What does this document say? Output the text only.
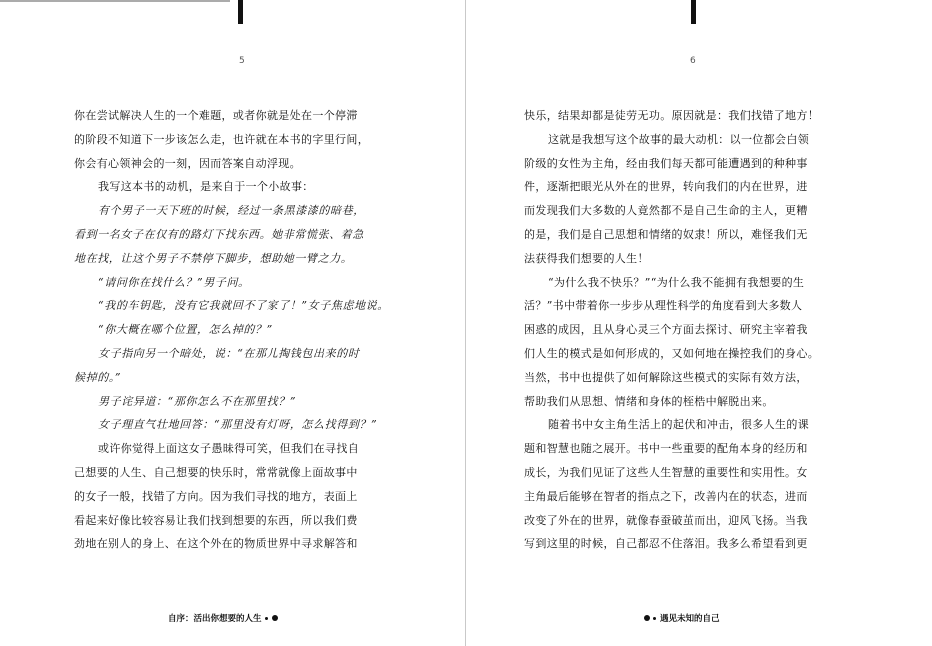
5
你在尝试解决人生的一个难题，或者你就是处在一个停滞
的阶段不知道下一步该怎么走，也许就在本书的字里行间，
你会有心领神会的一刻，因而答案自动浮现。
我写这本书的动机，是来自于一个小故事：
有个男子一天下班的时候，经过一条黑漆漆的暗巷，
看到一名女子在仅有的路灯下找东西。她非常慌张、着急
地在找，让这个男子不禁停下脚步，想助她一臂之力。
“请问你在找什么？”男子问。
“我的车钥匙，没有它我就回不了家了！”女子焦虑地说。
“你大概在哪个位置，怎么掉的？”
女子指向另一个暗处，说：“在那儿掏钱包出来的时
候掉的。”
男子诧异道：“那你怎么不在那里找？”
女子理直气壮地回答：“那里没有灯呀，怎么找得到？”
或许你觉得上面这女子愚昧得可笑，但我们在寻找自
己想要的人生、自己想要的快乐时，常常就像上面故事中
的女子一般，找错了方向。因为我们寻找的地方，表面上
看起来好像比较容易让我们找到想要的东西，所以我们费
劲地在别人的身上、在这个外在的物质世界中寻求解答和
自序：活出你想要的人生
6
快乐，结果却都是徒劳无功。原因就是：我们找错了地方！
这就是我想写这个故事的最大动机：以一位都会白领
阶级的女性为主角，经由我们每天都可能遭遇到的种种事
件，逐渐把眼光从外在的世界，转向我们的内在世界，进
而发现我们大多数的人竟然都不是自己生命的主人，更糟
的是，我们是自己思想和情绪的奴隶！所以，难怪我们无
法获得我们想要的人生！
“为什么我不快乐？”“为什么我不能拥有我想要的生
活？”书中带着你一步步从理性科学的角度看到大多数人
困惑的成因，且从身心灵三个方面去探讨、研究主宰着我
们人生的模式是如何形成的，又如何地在操控我们的身心。
当然，书中也提供了如何解除这些模式的实际有效方法，
帮助我们从思想、情绪和身体的桎梏中解脱出来。
随着书中女主角生活上的起伏和冲击，很多人生的课
题和智慧也随之展开。书中一些重要的配角本身的经历和
成长，为我们见证了这些人生智慧的重要性和实用性。女
主角最后能够在智者的指点之下，改善内在的状态，进而
改变了外在的世界，就像春蚕破茧而出，迎风飞扬。当我
写到这里的时候，自己都忍不住落泪。我多么希望看到更
遇见未知的自己
